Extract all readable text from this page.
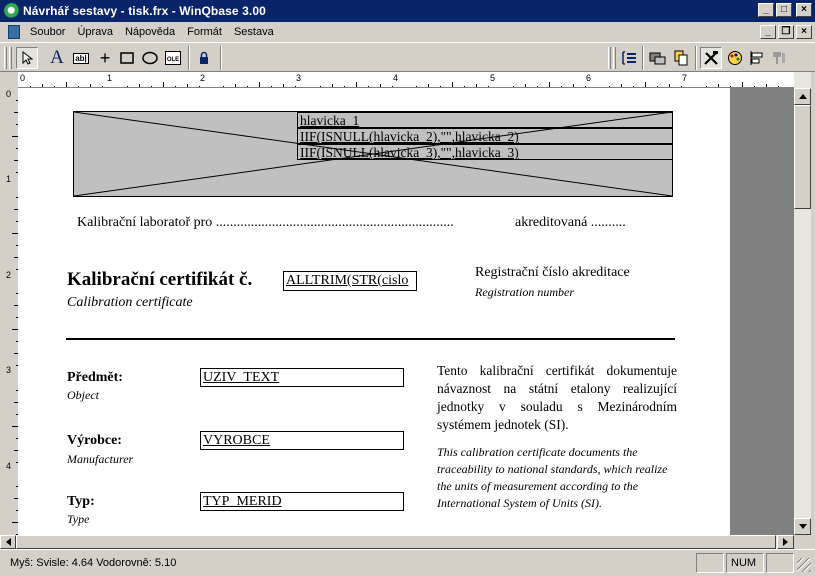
Návrhář sestavy - tisk.frx - WinQbase 3.00	_	□	×
Soubor	Úprava	Nápověda	Formát	Sestava	_	❐	×
A ab| +	OLE
0	1	2	3	4	5	6	7
0
1
2
3
4
hlavicka_1
IIF(ISNULL(hlavicka_2),"",hlavicka_2)
IIF(ISNULL(hlavicka_3),"",hlavicka_3)
Kalibrační laboratoř pro ....................................................................	akreditovaná ..........
Kalibrační certifikát č.
Calibration certificate
ALLTRIM(STR(cislo
Registrační číslo akreditace
Registration number
Předmět:
Object
UZIV_TEXT
Výrobce:
Manufacturer
VYROBCE
Typ:
Type
TYP_MERID
Tento kalibrační certifikát dokumentuje návaznost na státní etalony realizující jednotky v souladu s Mezinárodním systémem jednotek (SI).
This calibration certificate documents the traceability to national standards, which realize the units of measurement according to the International System of Units (SI).
Myš: Svisle: 4.64 Vodorovně: 5.10	NUM
